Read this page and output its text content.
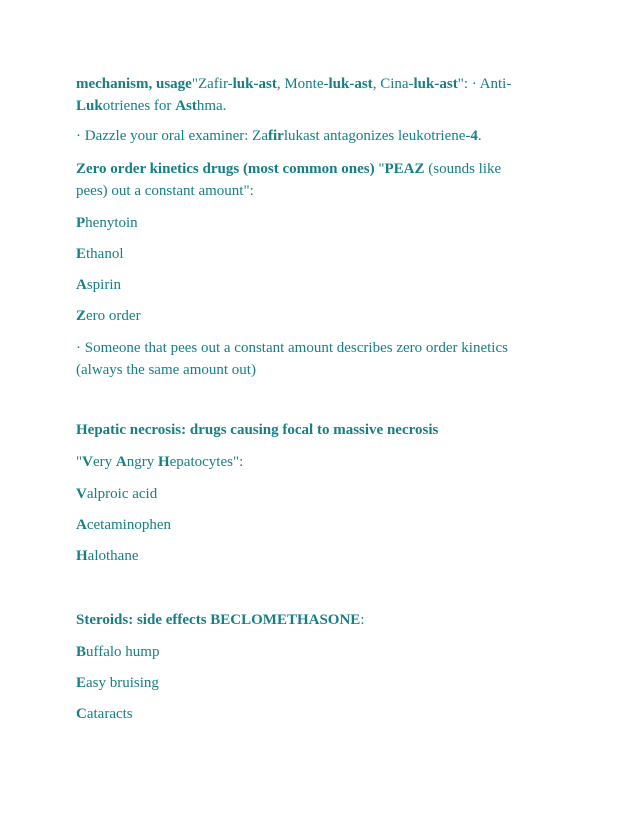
mechanism, usage"Zafir-luk-ast, Monte-luk-ast, Cina-luk-ast": · Anti-

Lukotrienes for Asthma.

· Dazzle your oral examiner: Zafirlukast antagonizes leukotriene-4.

Zero order kinetics drugs (most common ones) "PEAZ (sounds like

pees) out a constant amount":

Phenytoin

Ethanol

Aspirin

Zero order

· Someone that pees out a constant amount describes zero order kinetics

(always the same amount out)

Hepatic necrosis: drugs causing focal to massive necrosis

"Very Angry Hepatocytes":

Valproic acid

Acetaminophen

Halothane

Steroids: side effects BECLOMETHASONE:

Buffalo hump

Easy bruising

Cataracts
